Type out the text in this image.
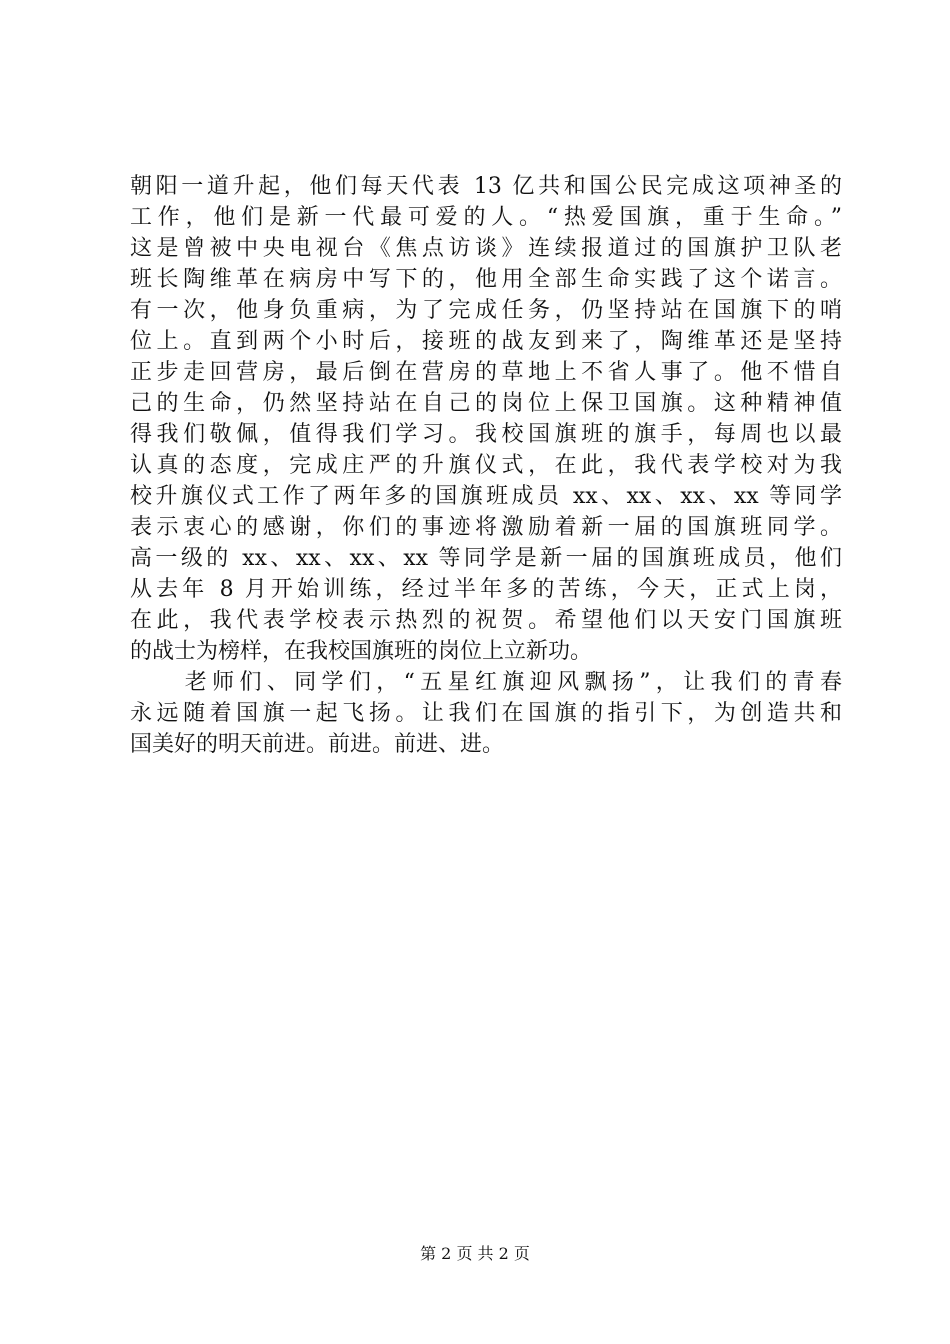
朝阳一道升起，他们每天代表 13 亿共和国公民完成这项神圣的
工作，他们是新一代最可爱的人。“热爱国旗，重于生命。”
这是曾被中央电视台《焦点访谈》连续报道过的国旗护卫队老
班长陶维革在病房中写下的，他用全部生命实践了这个诺言。
有一次，他身负重病，为了完成任务，仍坚持站在国旗下的哨
位上。直到两个小时后，接班的战友到来了，陶维革还是坚持
正步走回营房，最后倒在营房的草地上不省人事了。他不惜自
己的生命，仍然坚持站在自己的岗位上保卫国旗。这种精神值
得我们敬佩，值得我们学习。我校国旗班的旗手，每周也以最
认真的态度，完成庄严的升旗仪式，在此，我代表学校对为我
校升旗仪式工作了两年多的国旗班成员 xx、xx、xx、xx 等同学
表示衷心的感谢，你们的事迹将激励着新一届的国旗班同学。
高一级的 xx、xx、xx、xx 等同学是新一届的国旗班成员，他们
从去年 8 月开始训练，经过半年多的苦练，今天，正式上岗，
在此，我代表学校表示热烈的祝贺。希望他们以天安门国旗班
的战士为榜样，在我校国旗班的岗位上立新功。
　　老师们、同学们，“五星红旗迎风飘扬”，让我们的青春
永远随着国旗一起飞扬。让我们在国旗的指引下，为创造共和
国美好的明天前进。前进。前进、进。
第 2 页 共 2 页
